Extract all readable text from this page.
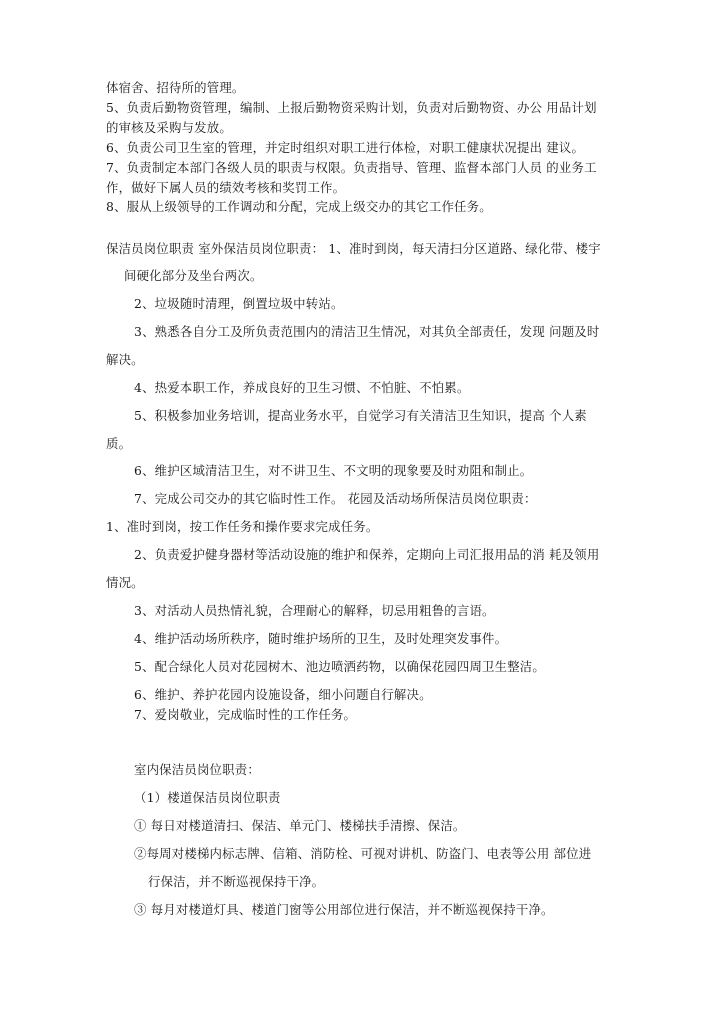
体宿舍、招待所的管理。

5、负责后勤物资管理，编制、上报后勤物资采购计划，负责对后勤物资、办公 用品计划

的审核及采购与发放。

6、负责公司卫生室的管理，并定时组织对职工进行体检，对职工健康状况提出 建议。

7、负责制定本部门各级人员的职责与权限。负责指导、管理、监督本部门人员 的业务工

作，做好下属人员的绩效考核和奖罚工作。

8、服从上级领导的工作调动和分配，完成上级交办的其它工作任务。

保洁员岗位职责 室外保洁员岗位职责： 1、准时到岗，每天清扫分区道路、绿化带、楼宇

间硬化部分及坐台两次。

2、垃圾随时清理，倒置垃圾中转站。

3、熟悉各自分工及所负责范围内的清洁卫生情况，对其负全部责任，发现 问题及时

解决。

4、热爱本职工作，养成良好的卫生习惯、不怕脏、不怕累。

5、积极参加业务培训，提高业务水平，自觉学习有关清洁卫生知识，提高 个人素

质。

6、维护区域清洁卫生，对不讲卫生、不文明的现象要及时劝阻和制止。

7、完成公司交办的其它临时性工作。 花园及活动场所保洁员岗位职责：

1、准时到岗，按工作任务和操作要求完成任务。

2、负责爱护健身器材等活动设施的维护和保养，定期向上司汇报用品的消 耗及领用

情况。

3、对活动人员热情礼貌，合理耐心的解释，切忌用粗鲁的言语。

4、维护活动场所秩序，随时维护场所的卫生，及时处理突发事件。

5、配合绿化人员对花园树木、池边喷洒药物，以确保花园四周卫生整洁。

6、维护、养护花园内设施设备，细小问题自行解决。

7、爱岗敬业，完成临时性的工作任务。

室内保洁员岗位职责：

（1）楼道保洁员岗位职责

① 每日对楼道清扫、保洁、单元门、楼梯扶手清擦、保洁。

②每周对楼梯内标志牌、信箱、消防栓、可视对讲机、防盗门、电表等公用 部位进

行保洁，并不断巡视保持干净。

③ 每月对楼道灯具、楼道门窗等公用部位进行保洁，并不断巡视保持干净。
